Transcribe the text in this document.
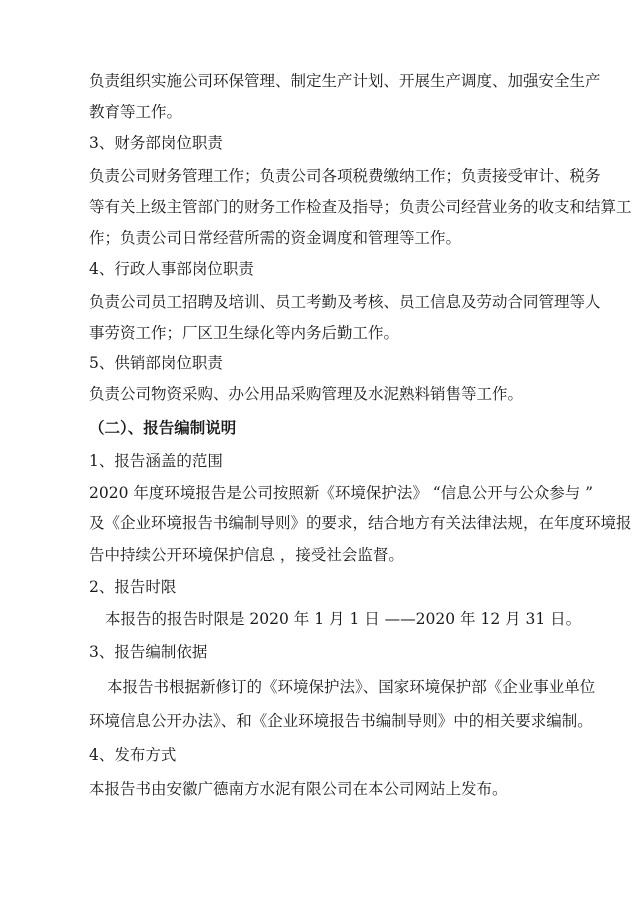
负责组织实施公司环保管理、制定生产计划、开展生产调度、加强安全生产
教育等工作。
3、财务部岗位职责
负责公司财务管理工作；负责公司各项税费缴纳工作；负责接受审计、税务
等有关上级主管部门的财务工作检查及指导；负责公司经营业务的收支和结算工
作；负责公司日常经营所需的资金调度和管理等工作。
4、行政人事部岗位职责
负责公司员工招聘及培训、员工考勤及考核、员工信息及劳动合同管理等人
事劳资工作；厂区卫生绿化等内务后勤工作。
5、供销部岗位职责
负责公司物资采购、办公用品采购管理及水泥熟料销售等工作。
（二）、报告编制说明
1、报告涵盖的范围
2020 年度环境报告是公司按照新《环境保护法》 “信息公开与公众参与 ”
及《企业环境报告书编制导则》的要求，结合地方有关法律法规，在年度环境报
告中持续公开环境保护信息 ，接受社会监督。
2、报告时限
本报告的报告时限是 2020 年 1 月 1 日 ——2020 年 12 月 31 日。
3、报告编制依据
本报告书根据新修订的《环境保护法》、国家环境保护部《企业事业单位
环境信息公开办法》、和《企业环境报告书编制导则》中的相关要求编制。
4、发布方式
本报告书由安徽广德南方水泥有限公司在本公司网站上发布。
